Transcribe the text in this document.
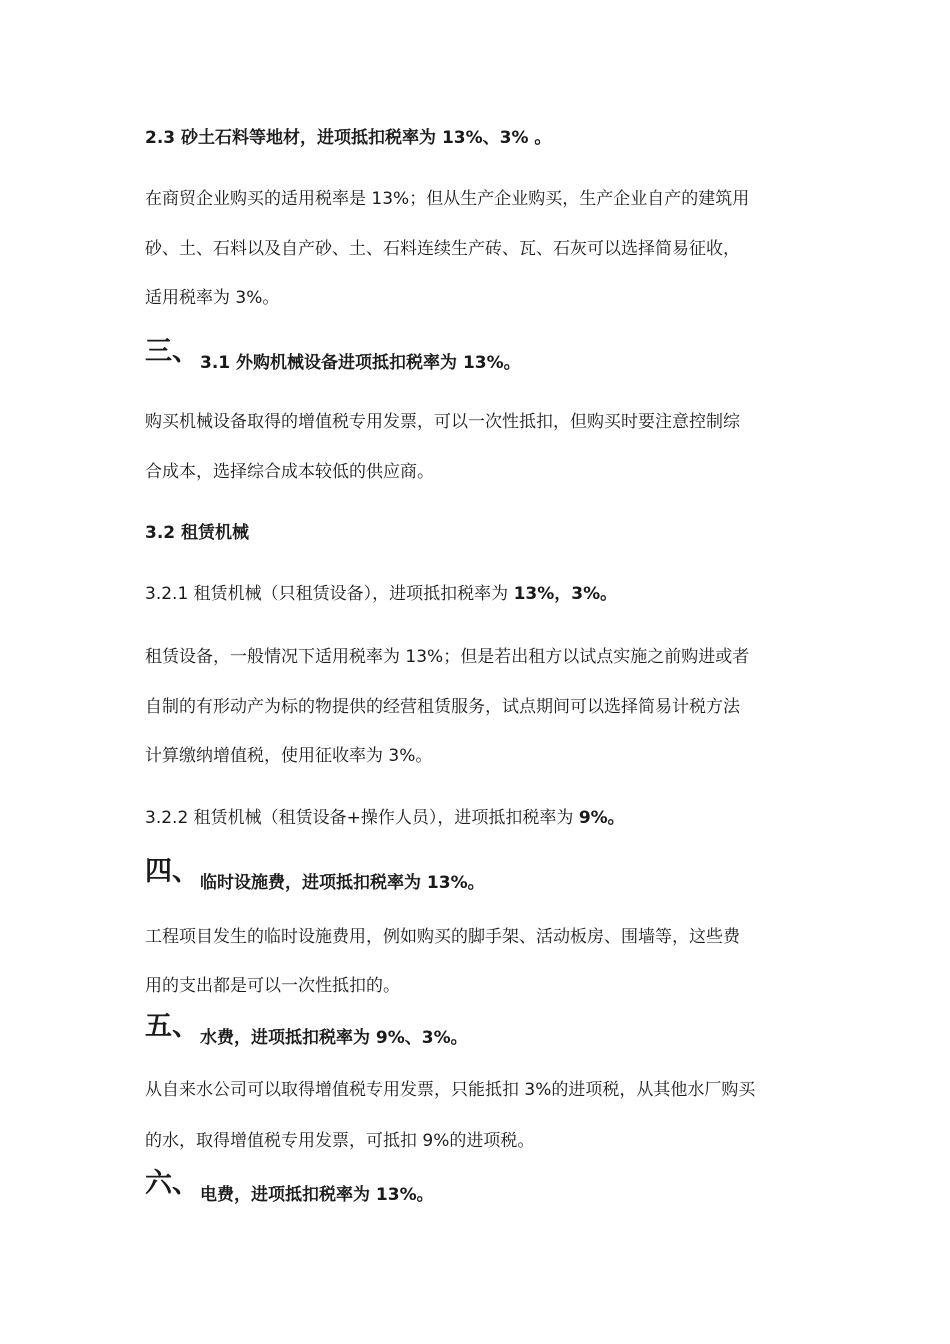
2.3 砂土石料等地材，进项抵扣税率为 13%、3% 。
在商贸企业购买的适用税率是 13%；但从生产企业购买，生产企业自产的建筑用
砂、土、石料以及自产砂、土、石料连续生产砖、瓦、石灰可以选择简易征收，
适用税率为 3%。
三、 3.1 外购机械设备进项抵扣税率为 13%。
购买机械设备取得的增值税专用发票，可以一次性抵扣，但购买时要注意控制综
合成本，选择综合成本较低的供应商。
3.2 租赁机械
3.2.1 租赁机械（只租赁设备），进项抵扣税率为 13%，3%。
租赁设备，一般情况下适用税率为 13%；但是若出租方以试点实施之前购进或者
自制的有形动产为标的物提供的经营租赁服务，试点期间可以选择简易计税方法
计算缴纳增值税，使用征收率为 3%。
3.2.2 租赁机械（租赁设备+操作人员），进项抵扣税率为 9%。
四、 临时设施费，进项抵扣税率为 13%。
工程项目发生的临时设施费用，例如购买的脚手架、活动板房、围墙等，这些费
用的支出都是可以一次性抵扣的。
五、 水费，进项抵扣税率为 9%、3%。
从自来水公司可以取得增值税专用发票，只能抵扣 3%的进项税，从其他水厂购买
的水，取得增值税专用发票，可抵扣 9%的进项税。
六、 电费，进项抵扣税率为 13%。
